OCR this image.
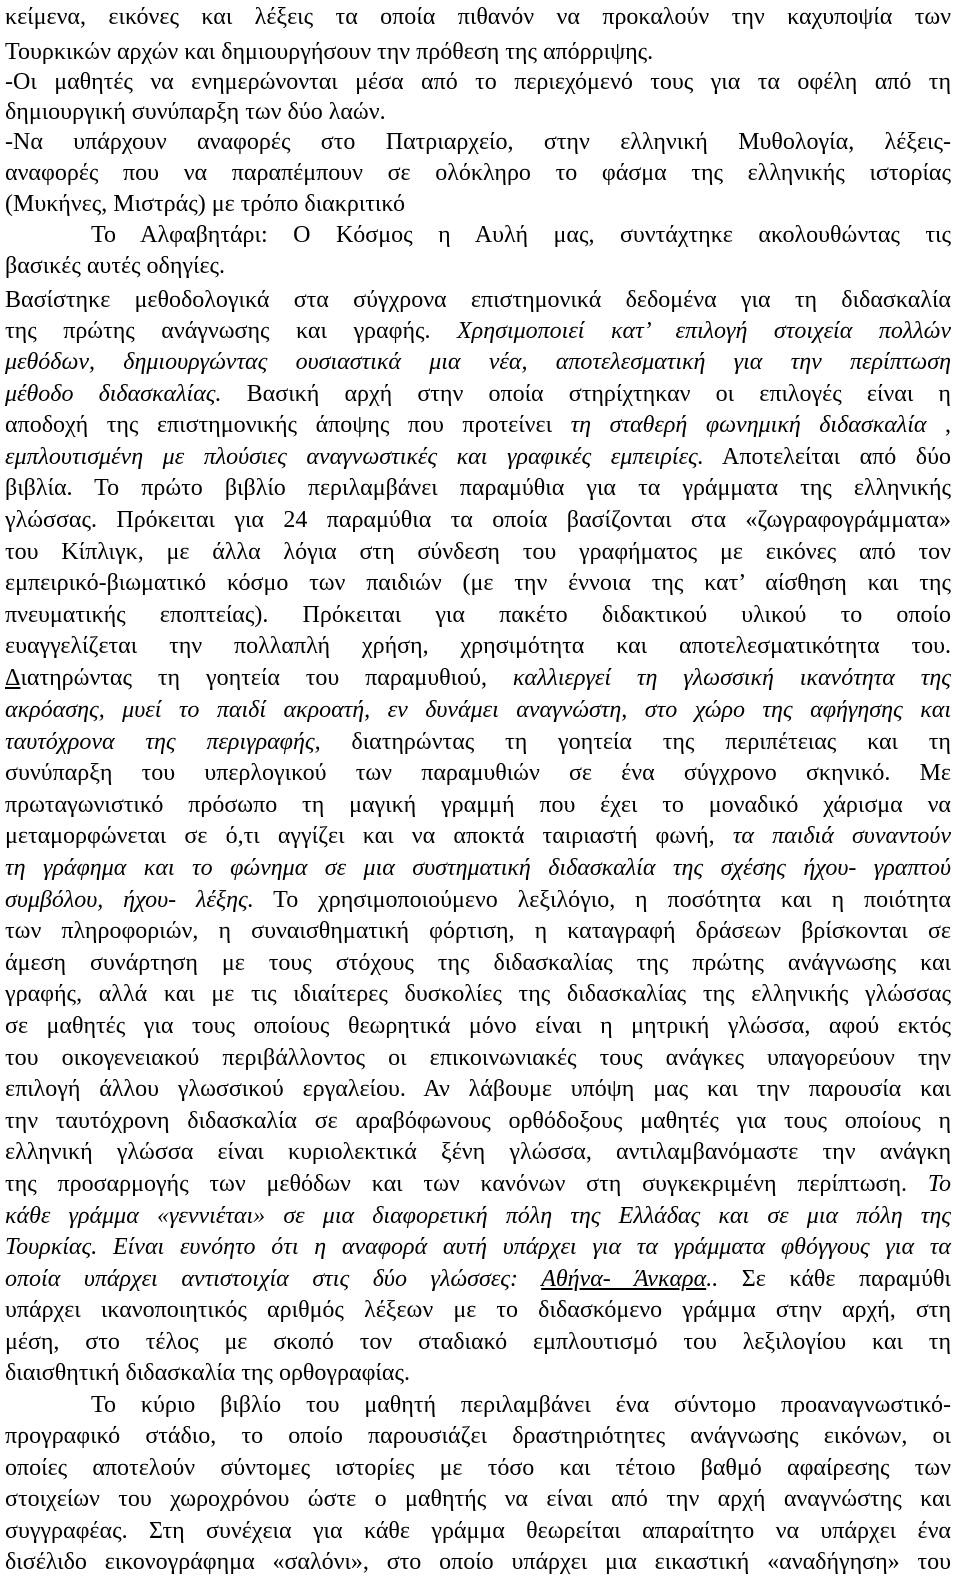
κείμενα, εικόνες και λέξεις τα οποία πιθανόν να προκαλούν την καχυποψία των
Τουρκικών αρχών και δημιουργήσουν την πρόθεση της απόρριψης.
-Οι μαθητές να ενημερώνονται μέσα από το περιεχόμενό τους για τα οφέλη από τη
δημιουργική συνύπαρξη των δύο λαών.
-Να υπάρχουν αναφορές στο Πατριαρχείο, στην ελληνική Μυθολογία, λέξεις-
αναφορές που να παραπέμπουν σε ολόκληρο το φάσμα της ελληνικής ιστορίας
(Μυκήνες, Μιστράς) με τρόπο διακριτικό
Το Αλφαβητάρι: Ο Κόσμος η Αυλή μας, συντάχτηκε ακολουθώντας τις
βασικές αυτές οδηγίες.
Βασίστηκε μεθοδολογικά στα σύγχρονα επιστημονικά δεδομένα για τη διδασκαλία
της πρώτης ανάγνωσης και γραφής. Χρησιμοποιεί κατ’ επιλογή στοιχεία πολλών
μεθόδων, δημιουργώντας ουσιαστικά μια νέα, αποτελεσματική για την περίπτωση
μέθοδο διδασκαλίας. Βασική αρχή στην οποία στηρίχτηκαν οι επιλογές είναι η
αποδοχή της επιστημονικής άποψης που προτείνει τη σταθερή φωνημική διδασκαλία ,
εμπλουτισμένη με πλούσιες αναγνωστικές και γραφικές εμπειρίες. Αποτελείται από δύο
βιβλία. Το πρώτο βιβλίο περιλαμβάνει παραμύθια για τα γράμματα της ελληνικής
γλώσσας. Πρόκειται για 24 παραμύθια τα οποία βασίζονται στα «ζωγραφογράμματα»
του Κίπλιγκ, με άλλα λόγια στη σύνδεση του γραφήματος με εικόνες από τον
εμπειρικό-βιωματικό κόσμο των παιδιών (με την έννοια της κατ’ αίσθηση και της
πνευματικής εποπτείας). Πρόκειται για πακέτο διδακτικού υλικού το οποίο
ευαγγελίζεται την πολλαπλή χρήση, χρησιμότητα και αποτελεσματικότητα του.
Διατηρώντας τη γοητεία του παραμυθιού, καλλιεργεί τη γλωσσική ικανότητα της
ακρόασης, μυεί το παιδί ακροατή, εν δυνάμει αναγνώστη, στο χώρο της αφήγησης και
ταυτόχρονα της περιγραφής, διατηρώντας τη γοητεία της περιπέτειας και τη
συνύπαρξη του υπερλογικού των παραμυθιών σε ένα σύγχρονο σκηνικό. Με
πρωταγωνιστικό πρόσωπο τη μαγική γραμμή που έχει το μοναδικό χάρισμα να
μεταμορφώνεται σε ό,τι αγγίζει και να αποκτά ταιριαστή φωνή, τα παιδιά συναντούν
τη γράφημα και το φώνημα σε μια συστηματική διδασκαλία της σχέσης ήχου- γραπτού
συμβόλου, ήχου- λέξης. Το χρησιμοποιούμενο λεξιλόγιο, η ποσότητα και η ποιότητα
των πληροφοριών, η συναισθηματική φόρτιση, η καταγραφή δράσεων βρίσκονται σε
άμεση συνάρτηση με τους στόχους της διδασκαλίας της πρώτης ανάγνωσης και
γραφής, αλλά και με τις ιδιαίτερες δυσκολίες της διδασκαλίας της ελληνικής γλώσσας
σε μαθητές για τους οποίους θεωρητικά μόνο είναι η μητρική γλώσσα, αφού εκτός
του οικογενειακού περιβάλλοντος οι επικοινωνιακές τους ανάγκες υπαγορεύουν την
επιλογή άλλου γλωσσικού εργαλείου. Αν λάβουμε υπόψη μας και την παρουσία και
την ταυτόχρονη διδασκαλία σε αραβόφωνους ορθόδοξους μαθητές για τους οποίους η
ελληνική γλώσσα είναι κυριολεκτικά ξένη γλώσσα, αντιλαμβανόμαστε την ανάγκη
της προσαρμογής των μεθόδων και των κανόνων στη συγκεκριμένη περίπτωση. Το
κάθε γράμμα «γεννιέται» σε μια διαφορετική πόλη της Ελλάδας και σε μια πόλη της
Τουρκίας. Είναι ευνόητο ότι η αναφορά αυτή υπάρχει για τα γράμματα φθόγγους για τα
οποία υπάρχει αντιστοιχία στις δύο γλώσσες: Αθήνα- Άνκαρα.. Σε κάθε παραμύθι
υπάρχει ικανοποιητικός αριθμός λέξεων με το διδασκόμενο γράμμα στην αρχή, στη
μέση, στο τέλος με σκοπό τον σταδιακό εμπλουτισμό του λεξιλογίου και τη
διαισθητική διδασκαλία της ορθογραφίας.
Το κύριο βιβλίο του μαθητή περιλαμβάνει ένα σύντομο προαναγνωστικό-
προγραφικό στάδιο, το οποίο παρουσιάζει δραστηριότητες ανάγνωσης εικόνων, οι
οποίες αποτελούν σύντομες ιστορίες με τόσο και τέτοιο βαθμό αφαίρεσης των
στοιχείων του χωροχρόνου ώστε ο μαθητής να είναι από την αρχή αναγνώστης και
συγγραφέας. Στη συνέχεια για κάθε γράμμα θεωρείται απαραίτητο να υπάρχει ένα
δισέλιδο εικονογράφημα «σαλόνι», στο οποίο υπάρχει μια εικαστική «αναδήγηση» του
